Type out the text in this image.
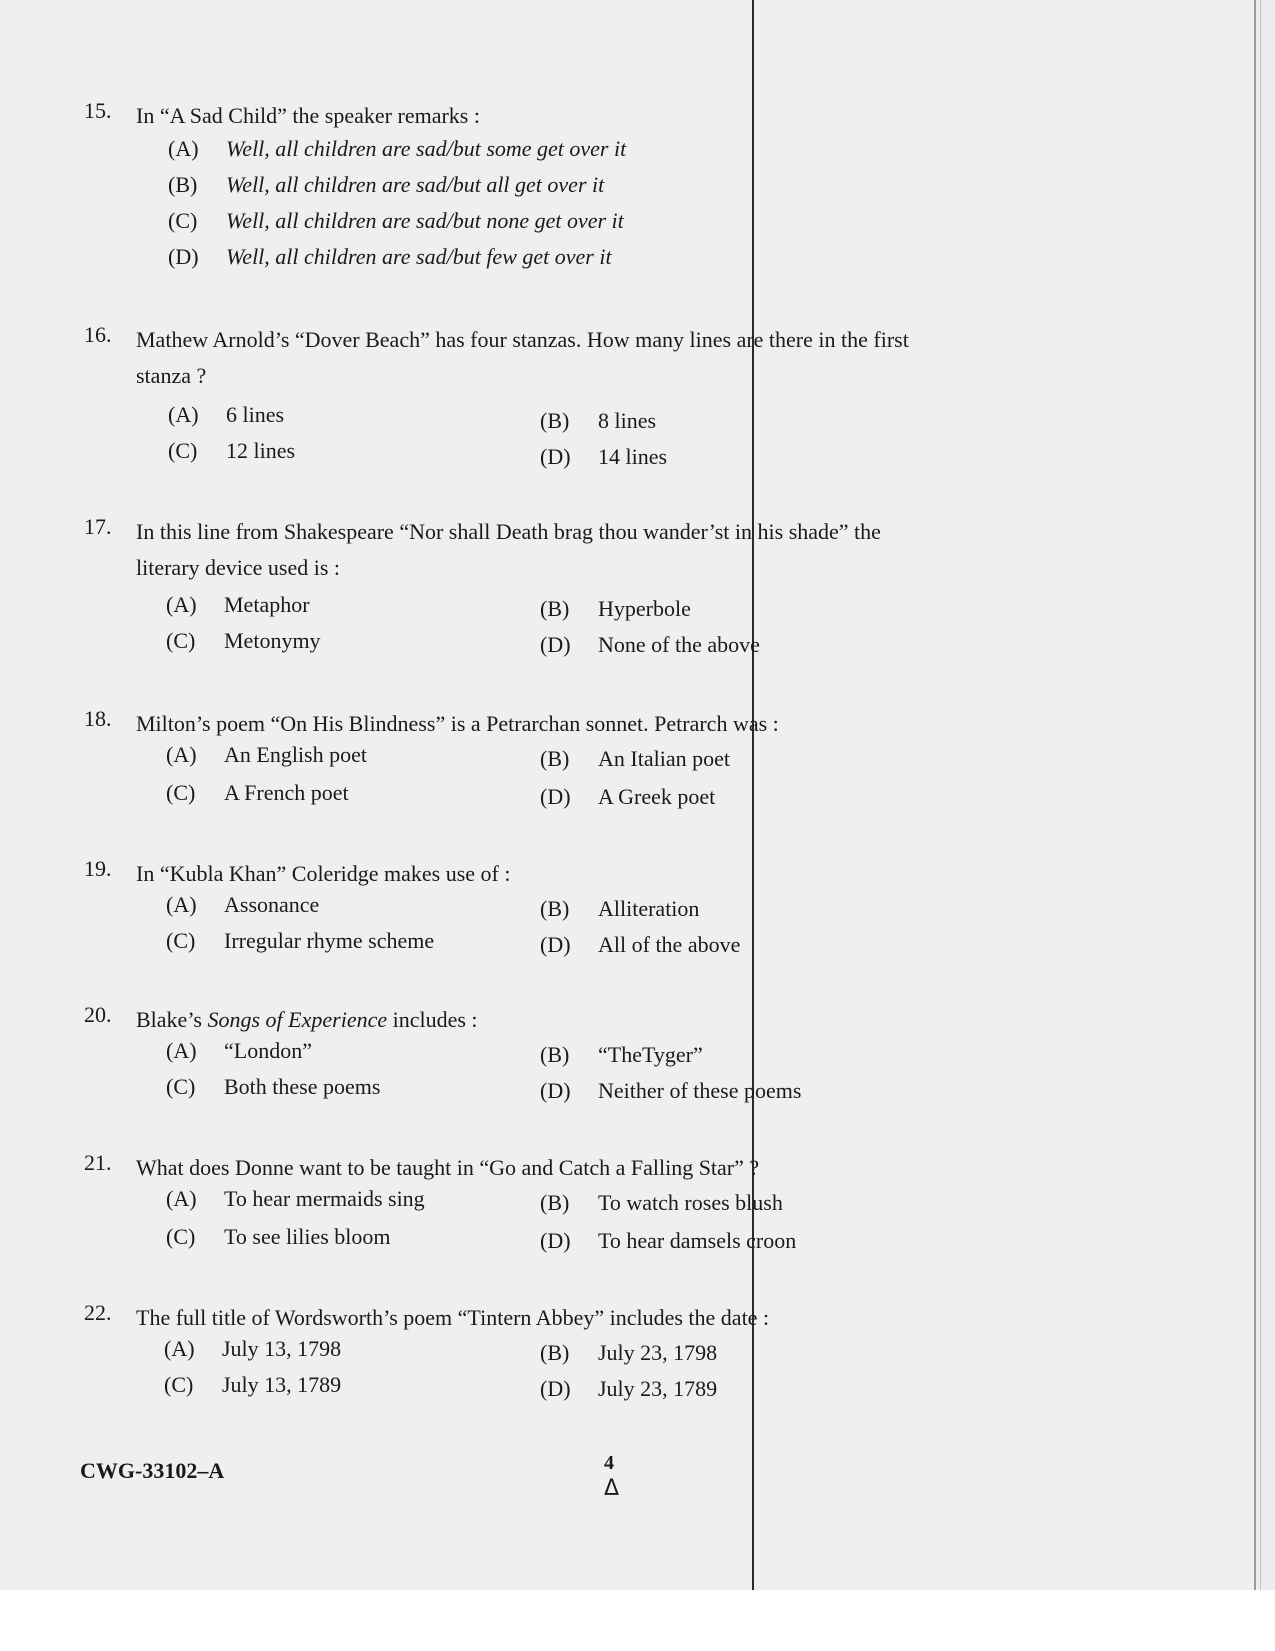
15. In “A Sad Child” the speaker remarks :
(A) Well, all children are sad/but some get over it
(B) Well, all children are sad/but all get over it
(C) Well, all children are sad/but none get over it
(D) Well, all children are sad/but few get over it
16. Mathew Arnold’s “Dover Beach” has four stanzas. How many lines are there in the first stanza ?
(A) 6 lines	(B) 8 lines
(C) 12 lines	(D) 14 lines
17. In this line from Shakespeare “Nor shall Death brag thou wander’st in his shade” the literary device used is :
(A) Metaphor	(B) Hyperbole
(C) Metonymy	(D) None of the above
18. Milton’s poem “On His Blindness” is a Petrarchan sonnet. Petrarch was :
(A) An English poet	(B) An Italian poet
(C) A French poet	(D) A Greek poet
19. In “Kubla Khan” Coleridge makes use of :
(A) Assonance	(B) Alliteration
(C) Irregular rhyme scheme	(D) All of the above
20. Blake’s Songs of Experience includes :
(A) “London”	(B) “TheTyger”
(C) Both these poems	(D) Neither of these poems
21. What does Donne want to be taught in “Go and Catch a Falling Star” ?
(A) To hear mermaids sing	(B) To watch roses blush
(C) To see lilies bloom	(D) To hear damsels croon
22. The full title of Wordsworth’s poem “Tintern Abbey” includes the date :
(A) July 13, 1798	(B) July 23, 1798
(C) July 13, 1789	(D) July 23, 1789
CWG-33102–A	4
Δ
